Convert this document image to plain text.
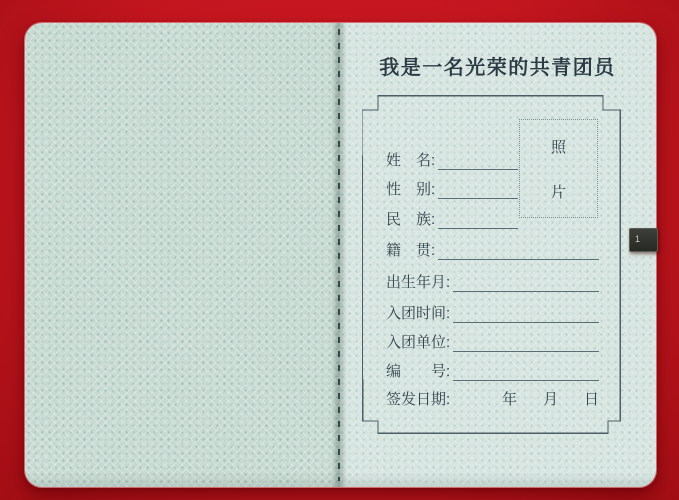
我是一名光荣的共青团员
照
片
姓　名:
性　别:
民　族:
籍　贯:
出生年月:
入团时间:
入团单位:
编　　号:
签发日期:	年 月 日
1
